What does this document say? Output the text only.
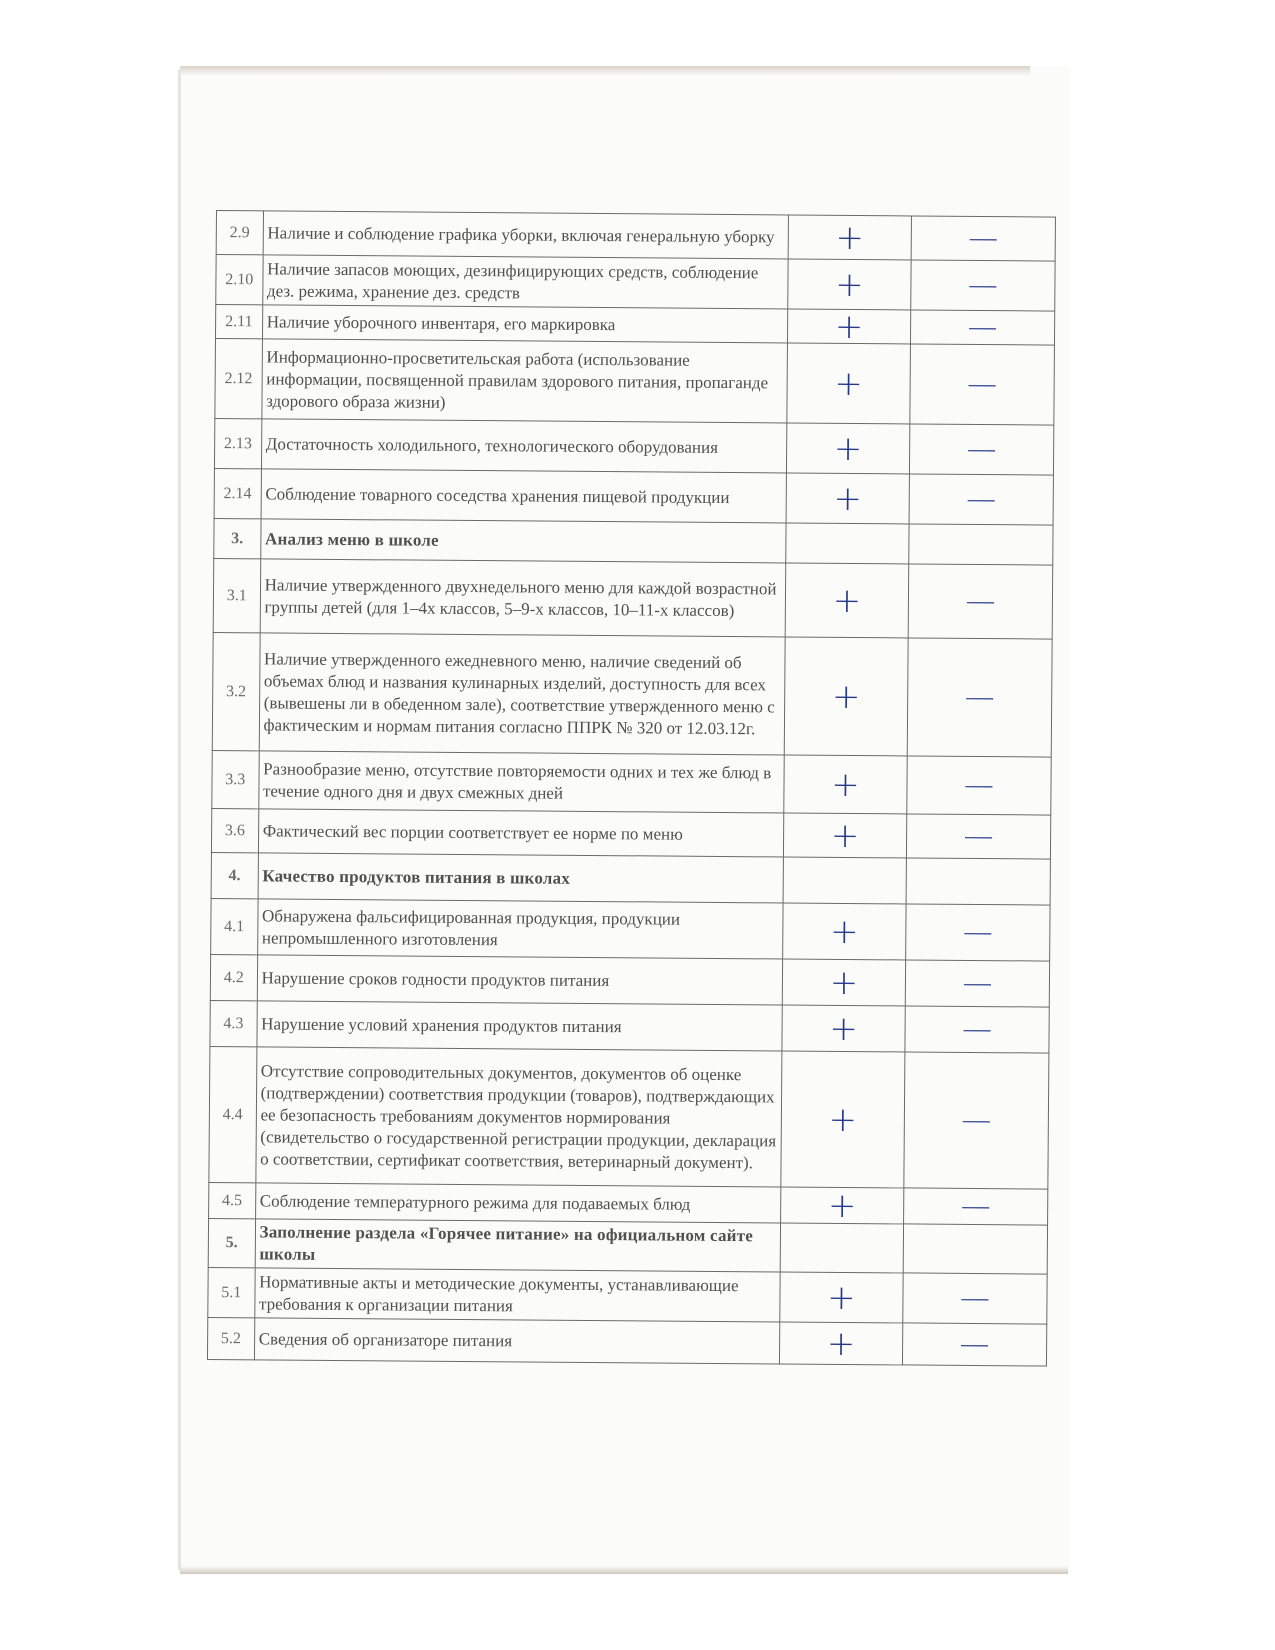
2.9	Наличие и соблюдение графика уборки, включая генеральную уборку	+	—
2.10	Наличие запасов моющих, дезинфицирующих средств, соблюдение дез. режима, хранение дез. средств	+	—
2.11	Наличие уборочного инвентаря, его маркировка	+	—
2.12	Информационно-просветительская работа (использование информации, посвященной правилам здорового питания, пропаганде здорового образа жизни)	+	—
2.13	Достаточность холодильного, технологического оборудования	+	—
2.14	Соблюдение товарного соседства хранения пищевой продукции	+	—
3.	Анализ меню в школе		
3.1	Наличие утвержденного двухнедельного меню для каждой возрастной группы детей (для 1–4х классов, 5–9-х классов, 10–11-х классов)	+	—
3.2	Наличие утвержденного ежедневного меню, наличие сведений об объемах блюд и названия кулинарных изделий, доступность для всех (вывешены ли в обеденном зале), соответствие утвержденного меню с фактическим и нормам питания согласно ППРК № 320 от 12.03.12г.	+	—
3.3	Разнообразие меню, отсутствие повторяемости одних и тех же блюд в течение одного дня и двух смежных дней	+	—
3.6	Фактический вес порции соответствует ее норме по меню	+	—
4.	Качество продуктов питания в школах		
4.1	Обнаружена фальсифицированная продукция, продукции непромышленного изготовления	+	—
4.2	Нарушение сроков годности продуктов питания	+	—
4.3	Нарушение условий хранения продуктов питания	+	—
4.4	Отсутствие сопроводительных документов, документов об оценке (подтверждении) соответствия продукции (товаров), подтверждающих ее безопасность требованиям документов нормирования (свидетельство о государственной регистрации продукции, декларация о соответствии, сертификат соответствия, ветеринарный документ).	+	—
4.5	Соблюдение температурного режима для подаваемых блюд	+	—
5.	Заполнение раздела «Горячее питание» на официальном сайте школы		
5.1	Нормативные акты и методические документы, устанавливающие требования к организации питания	+	—
5.2	Сведения об организаторе питания	+	—
